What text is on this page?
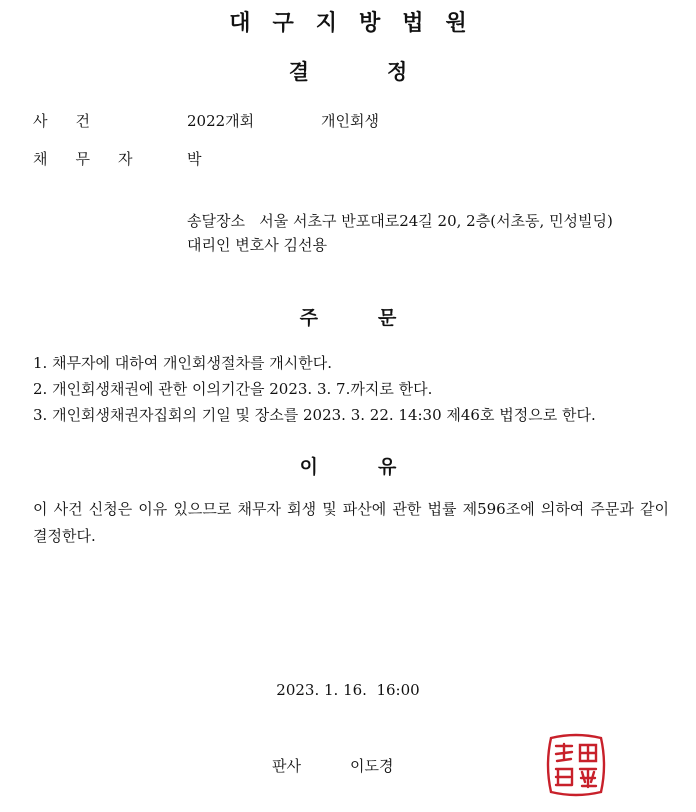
대구지방법원
결정
사건	2022개회	개인회생
채무자 박
송달장소   서울 서초구 반포대로24길 20, 2층(서초동, 민성빌딩)
대리인 변호사 김선용
주문
1. 채무자에 대하여 개인회생절차를 개시한다.
2. 개인회생채권에 관한 이의기간을 2023. 3. 7.까지로 한다.
3. 개인회생채권자집회의 기일 및 장소를 2023. 3. 22. 14:30 제46호 법정으로 한다.
이유
이 사건 신청은 이유 있으므로 채무자 회생 및 파산에 관한 법률 제596조에 의하여 주문과 같이 결정한다.
2023. 1. 16.  16:00
판사	이도경
